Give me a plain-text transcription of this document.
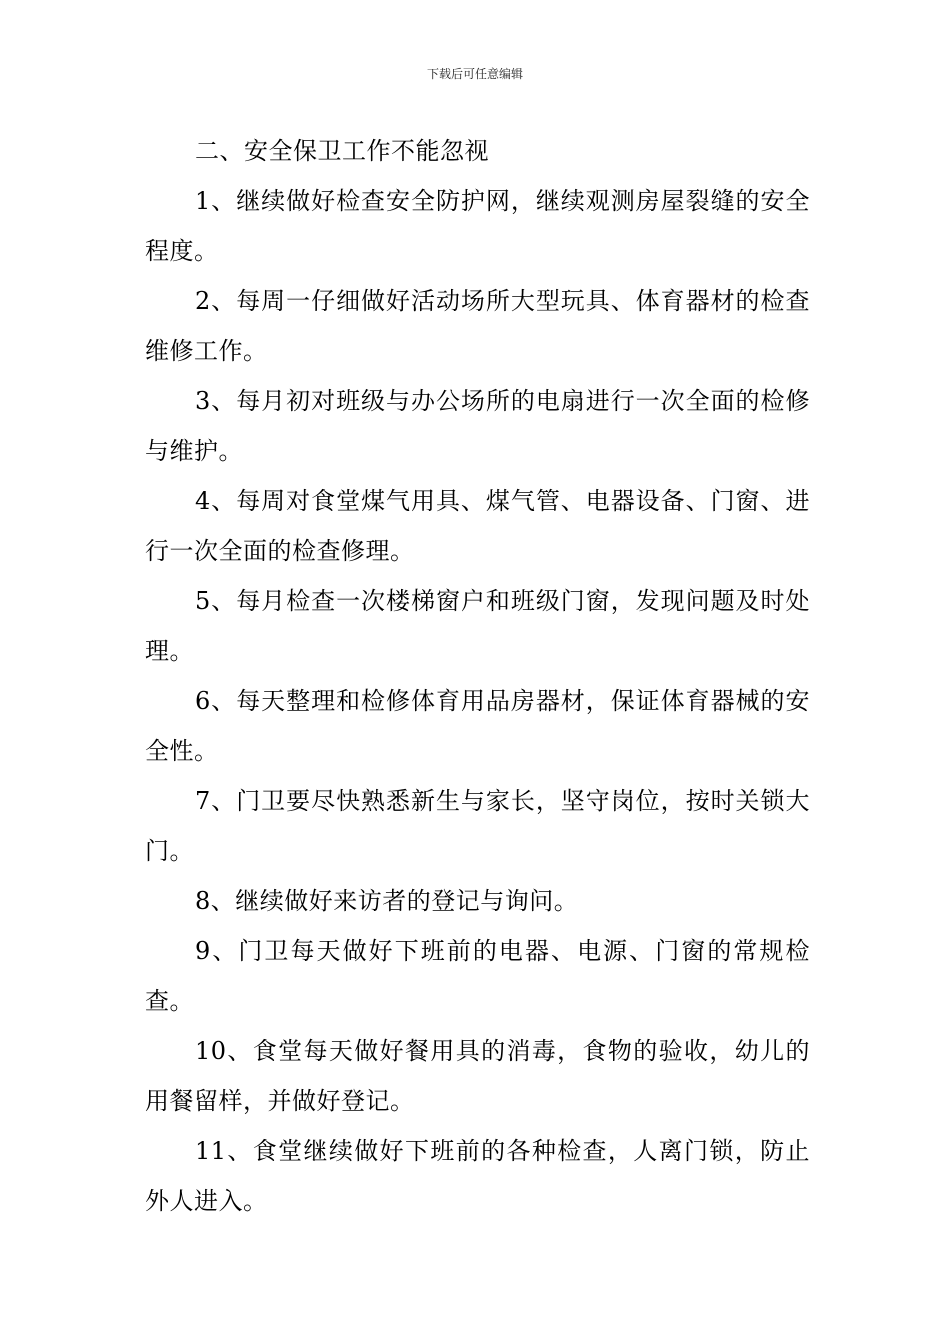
下载后可任意编辑

二、安全保卫工作不能忽视

1、继续做好检查安全防护网，继续观测房屋裂缝的安全程度。

2、每周一仔细做好活动场所大型玩具、体育器材的检查维修工作。

3、每月初对班级与办公场所的电扇进行一次全面的检修与维护。

4、每周对食堂煤气用具、煤气管、电器设备、门窗、进行一次全面的检查修理。

5、每月检查一次楼梯窗户和班级门窗，发现问题及时处理。

6、每天整理和检修体育用品房器材，保证体育器械的安全性。

7、门卫要尽快熟悉新生与家长，坚守岗位，按时关锁大门。

8、继续做好来访者的登记与询问。

9、门卫每天做好下班前的电器、电源、门窗的常规检查。

10、食堂每天做好餐用具的消毒，食物的验收，幼儿的用餐留样，并做好登记。

11、食堂继续做好下班前的各种检查，人离门锁，防止外人进入。
